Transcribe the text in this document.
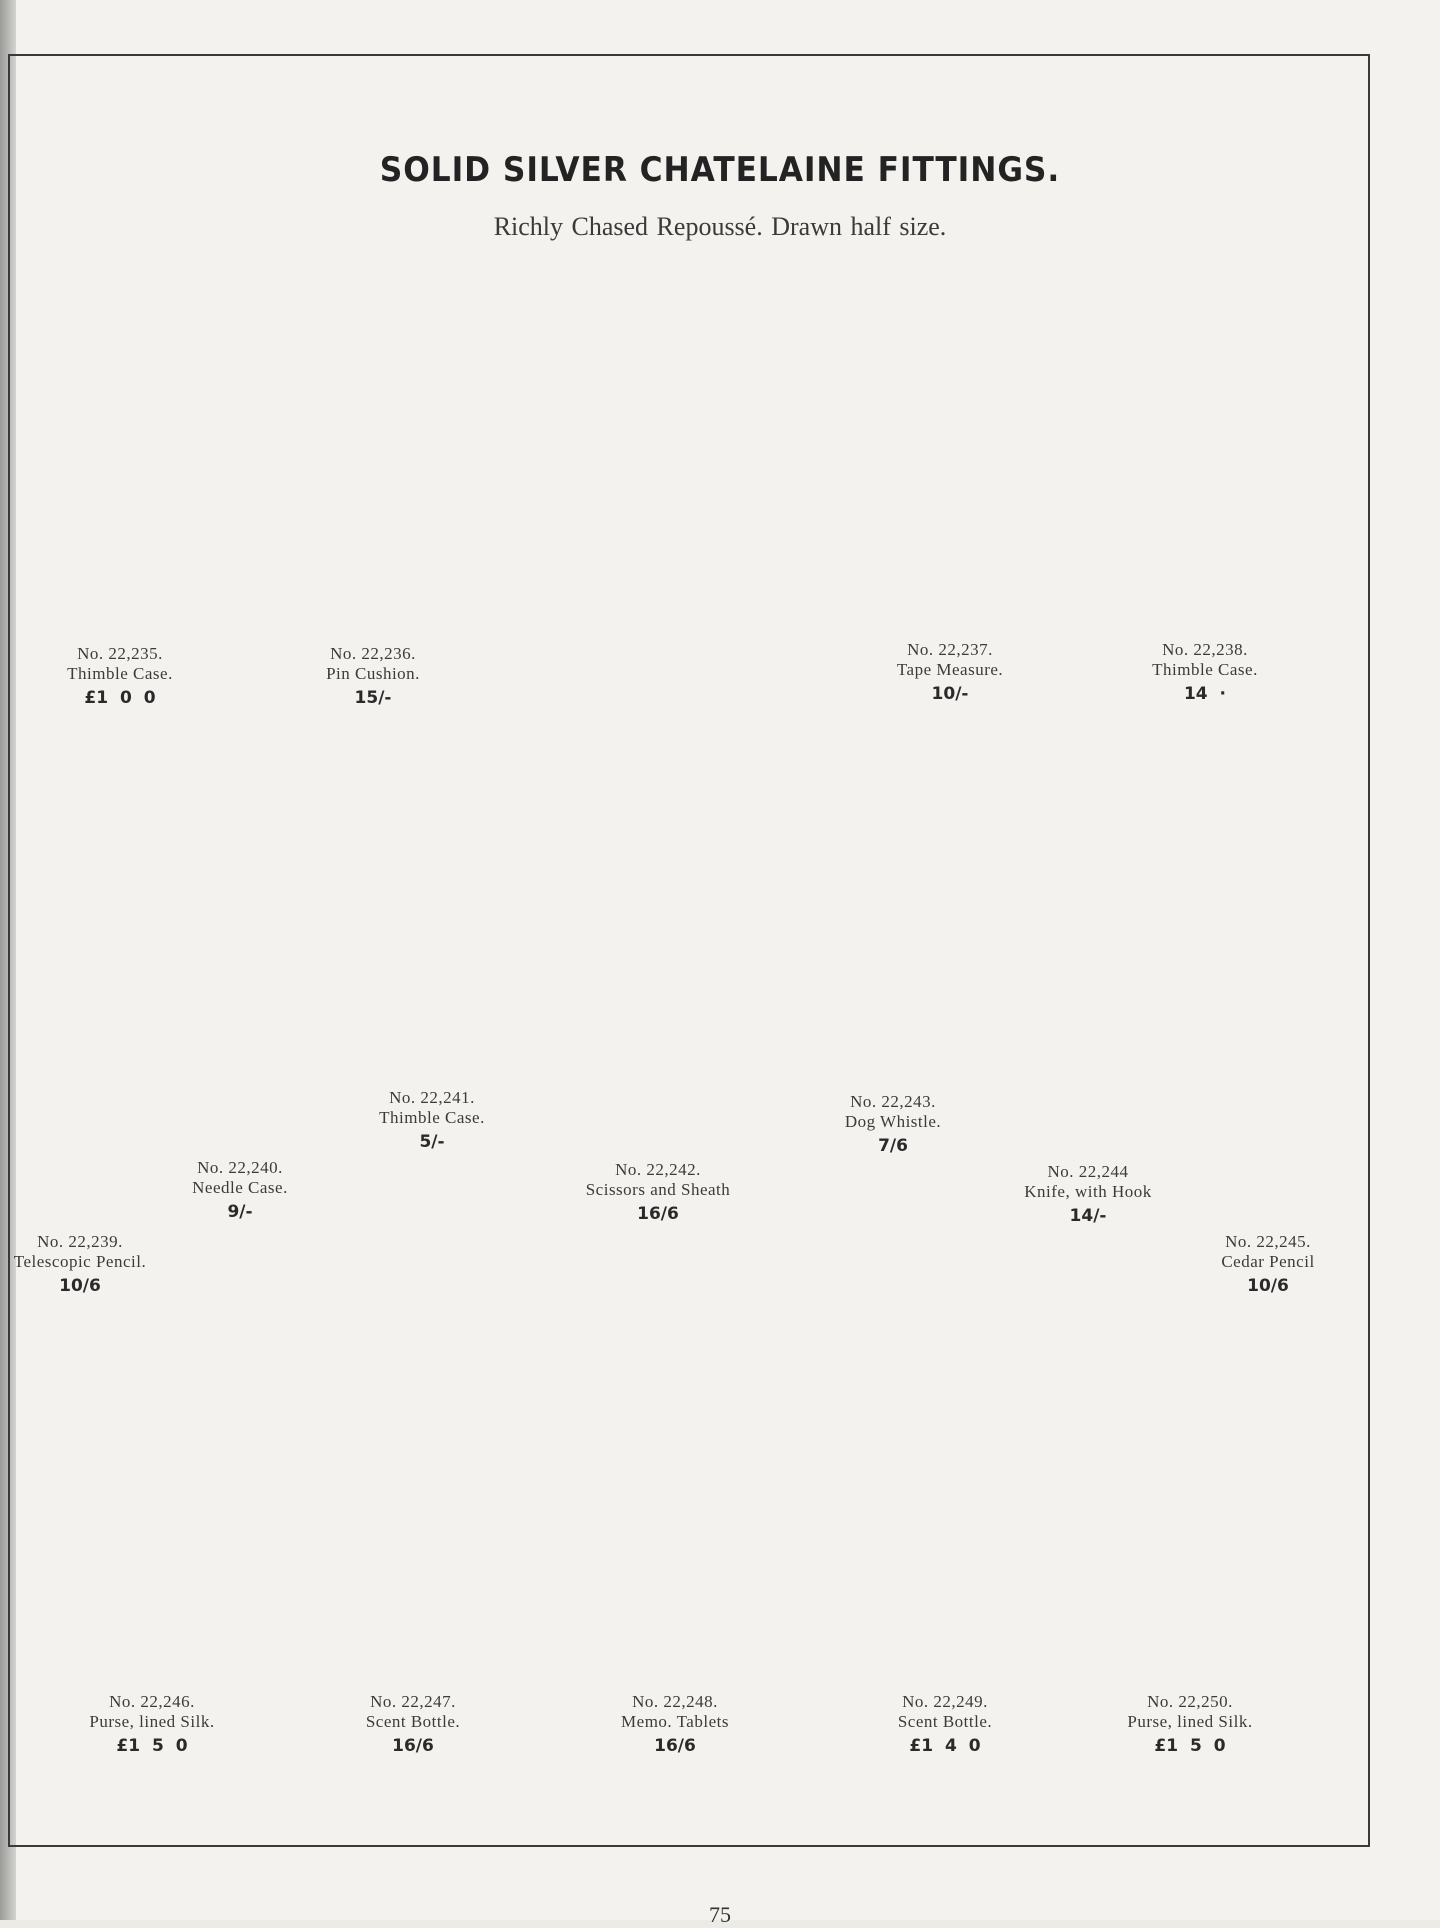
SOLID SILVER CHATELAINE FITTINGS.
Richly Chased Repoussé. Drawn half size.
No. 22,235.
Thimble Case.
£1 0 0
No. 22,236.
Pin Cushion.
15/-
No. 22,237.
Tape Measure.
10/-
No. 22,238.
Thimble Case.
14 ·
No. 22,242.
Scissors and Sheath
16/6
No. 22,239.
Telescopic Pencil.
10/6
No. 22,240.
Needle Case.
9/-
No. 22,241.
Thimble Case.
5/-
No. 22,243.
Dog Whistle.
7/6
No. 22,244
Knife, with Hook
14/-
No. 22,245.
Cedar Pencil
10/6
No. 22,246.
Purse, lined Silk.
£1 5 0
No. 22,247.
Scent Bottle.
16/6
No. 22,248.
Memo. Tablets
16/6
No. 22,249.
Scent Bottle.
£1 4 0
No. 22,250.
Purse, lined Silk.
£1 5 0
75
